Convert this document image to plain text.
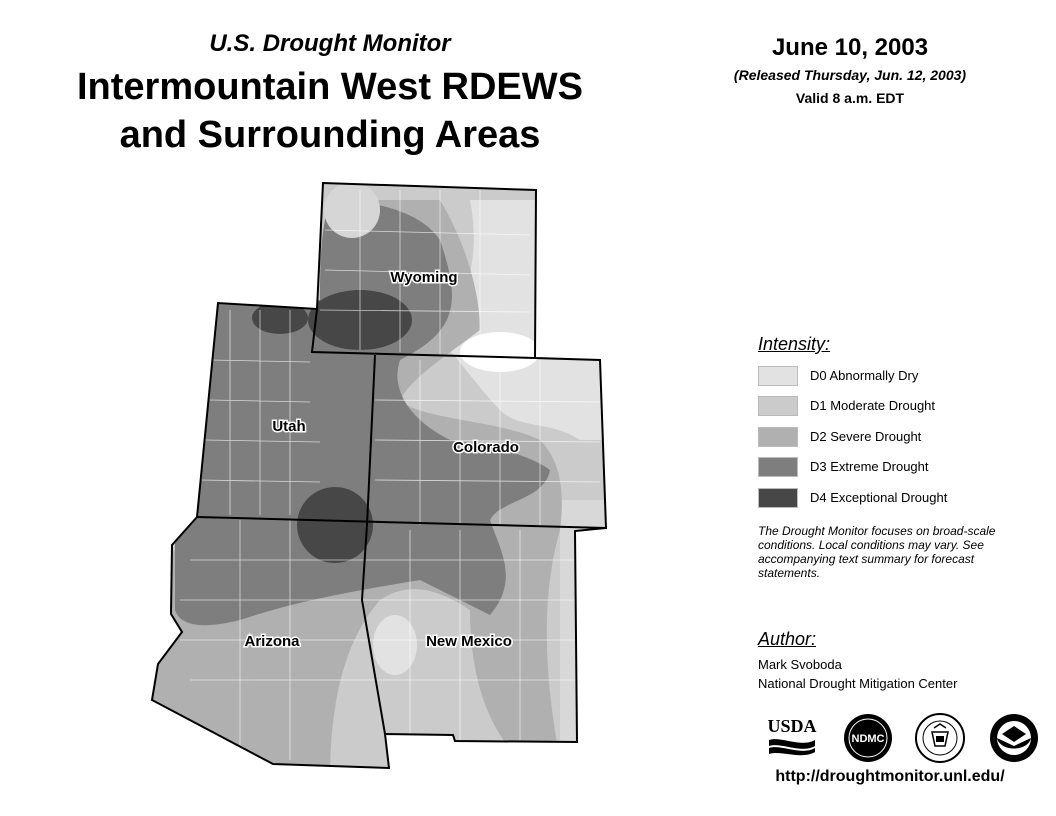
U.S. Drought Monitor
Intermountain West RDEWS
and Surrounding Areas
June 10, 2003
(Released Thursday, Jun. 12, 2003)
Valid 8 a.m. EDT
Wyoming
Utah
Colorado
Arizona	New Mexico
Intensity:
D0 Abnormally Dry
D1 Moderate Drought
D2 Severe Drought
D3 Extreme Drought
D4 Exceptional Drought
The Drought Monitor focuses on broad-scale conditions. Local conditions may vary. See accompanying text summary for forecast statements.
Author:
Mark Svoboda
National Drought Mitigation Center
USDA
NDMC
http://droughtmonitor.unl.edu/
